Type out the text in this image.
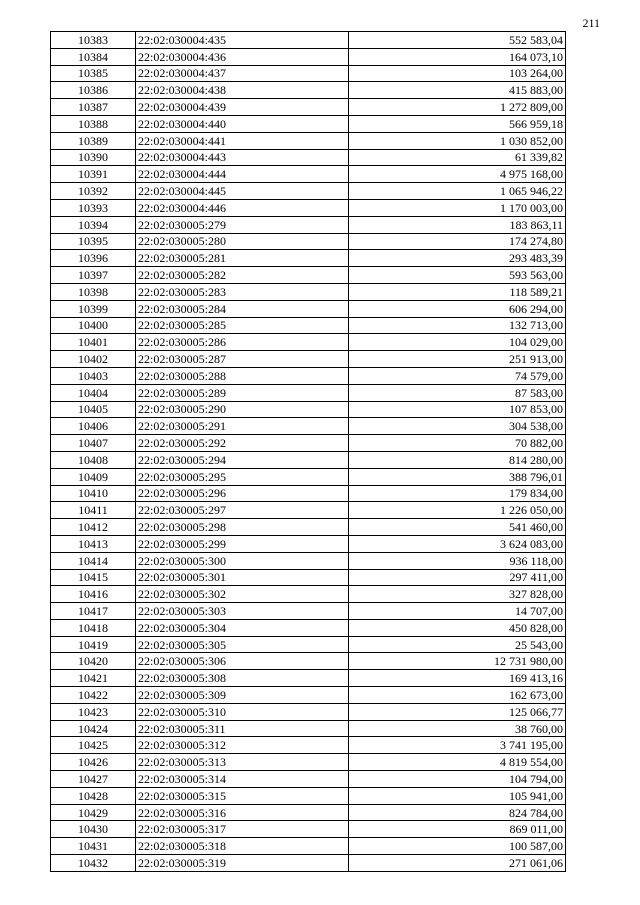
211
10383	22:02:030004:435	552 583,04
10384	22:02:030004:436	164 073,10
10385	22:02:030004:437	103 264,00
10386	22:02:030004:438	415 883,00
10387	22:02:030004:439	1 272 809,00
10388	22:02:030004:440	566 959,18
10389	22:02:030004:441	1 030 852,00
10390	22:02:030004:443	61 339,82
10391	22:02:030004:444	4 975 168,00
10392	22:02:030004:445	1 065 946,22
10393	22:02:030004:446	1 170 003,00
10394	22:02:030005:279	183 863,11
10395	22:02:030005:280	174 274,80
10396	22:02:030005:281	293 483,39
10397	22:02:030005:282	593 563,00
10398	22:02:030005:283	118 589,21
10399	22:02:030005:284	606 294,00
10400	22:02:030005:285	132 713,00
10401	22:02:030005:286	104 029,00
10402	22:02:030005:287	251 913,00
10403	22:02:030005:288	74 579,00
10404	22:02:030005:289	87 583,00
10405	22:02:030005:290	107 853,00
10406	22:02:030005:291	304 538,00
10407	22:02:030005:292	70 882,00
10408	22:02:030005:294	814 280,00
10409	22:02:030005:295	388 796,01
10410	22:02:030005:296	179 834,00
10411	22:02:030005:297	1 226 050,00
10412	22:02:030005:298	541 460,00
10413	22:02:030005:299	3 624 083,00
10414	22:02:030005:300	936 118,00
10415	22:02:030005:301	297 411,00
10416	22:02:030005:302	327 828,00
10417	22:02:030005:303	14 707,00
10418	22:02:030005:304	450 828,00
10419	22:02:030005:305	25 543,00
10420	22:02:030005:306	12 731 980,00
10421	22:02:030005:308	169 413,16
10422	22:02:030005:309	162 673,00
10423	22:02:030005:310	125 066,77
10424	22:02:030005:311	38 760,00
10425	22:02:030005:312	3 741 195,00
10426	22:02:030005:313	4 819 554,00
10427	22:02:030005:314	104 794,00
10428	22:02:030005:315	105 941,00
10429	22:02:030005:316	824 784,00
10430	22:02:030005:317	869 011,00
10431	22:02:030005:318	100 587,00
10432	22:02:030005:319	271 061,06
